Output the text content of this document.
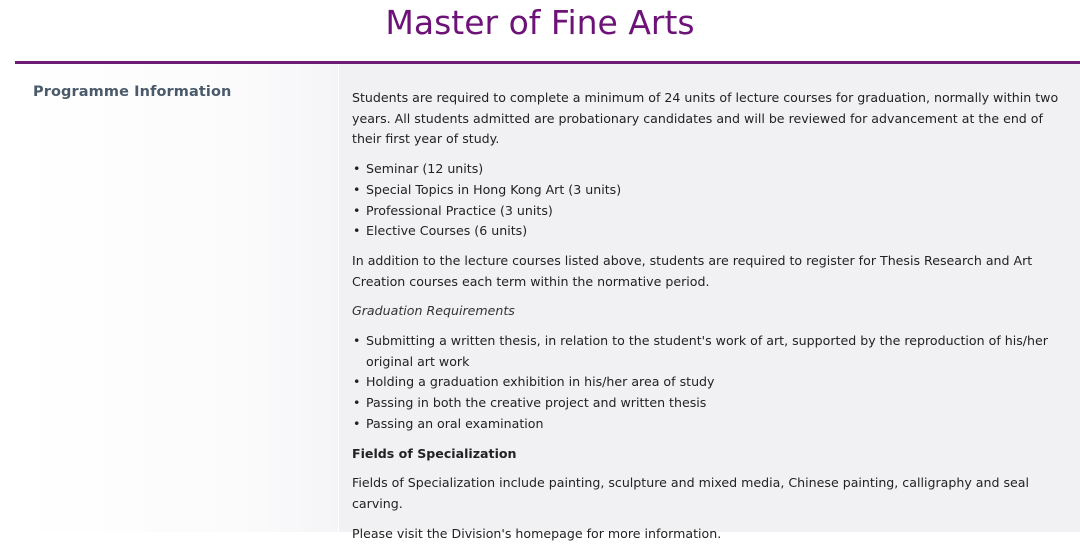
Master of Fine Arts
Programme Information	Students are required to complete a minimum of 24 units of lecture courses for graduation, normally within two years. All students admitted are probationary candidates and will be reviewed for advancement at the end of their first year of study.

• Seminar (12 units)
• Special Topics in Hong Kong Art (3 units)
• Professional Practice (3 units)
• Elective Courses (6 units)

In addition to the lecture courses listed above, students are required to register for Thesis Research and Art Creation courses each term within the normative period.

Graduation Requirements

• Submitting a written thesis, in relation to the student's work of art, supported by the reproduction of his/her original art work
• Holding a graduation exhibition in his/her area of study
• Passing in both the creative project and written thesis
• Passing an oral examination

Fields of Specialization

Fields of Specialization include painting, sculpture and mixed media, Chinese painting, calligraphy and seal carving.

Please visit the Division's homepage for more information.
